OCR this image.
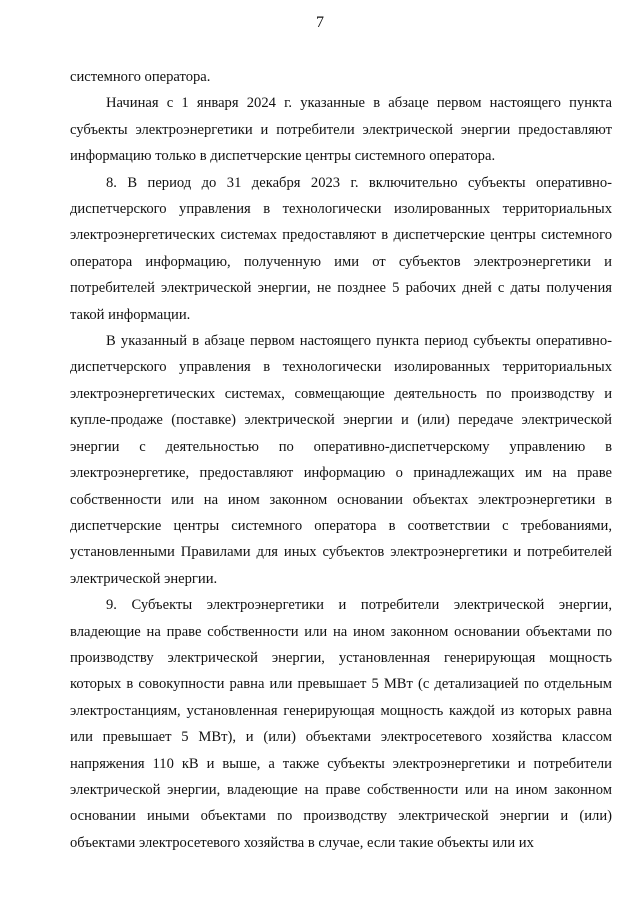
7

системного оператора.

Начиная с 1 января 2024 г. указанные в абзаце первом настоящего пункта субъекты электроэнергетики и потребители электрической энергии предоставляют информацию только в диспетчерские центры системного оператора.

8. В период до 31 декабря 2023 г. включительно субъекты оперативно-диспетчерского управления в технологически изолированных территориальных электроэнергетических системах предоставляют в диспетчерские центры системного оператора информацию, полученную ими от субъектов электроэнергетики и потребителей электрической энергии, не позднее 5 рабочих дней с даты получения такой информации.

В указанный в абзаце первом настоящего пункта период субъекты оперативно-диспетчерского управления в технологически изолированных территориальных электроэнергетических системах, совмещающие деятельность по производству и купле-продаже (поставке) электрической энергии и (или) передаче электрической энергии с деятельностью по оперативно-диспетчерскому управлению в электроэнергетике, предоставляют информацию о принадлежащих им на праве собственности или на ином законном основании объектах электроэнергетики в диспетчерские центры системного оператора в соответствии с требованиями, установленными Правилами для иных субъектов электроэнергетики и потребителей электрической энергии.

9. Субъекты электроэнергетики и потребители электрической энергии, владеющие на праве собственности или на ином законном основании объектами по производству электрической энергии, установленная генерирующая мощность которых в совокупности равна или превышает 5 МВт (с детализацией по отдельным электростанциям, установленная генерирующая мощность каждой из которых равна или превышает 5 МВт), и (или) объектами электросетевого хозяйства классом напряжения 110 кВ и выше, а также субъекты электроэнергетики и потребители электрической энергии, владеющие на праве собственности или на ином законном основании иными объектами по производству электрической энергии и (или) объектами электросетевого хозяйства в случае, если такие объекты или их
